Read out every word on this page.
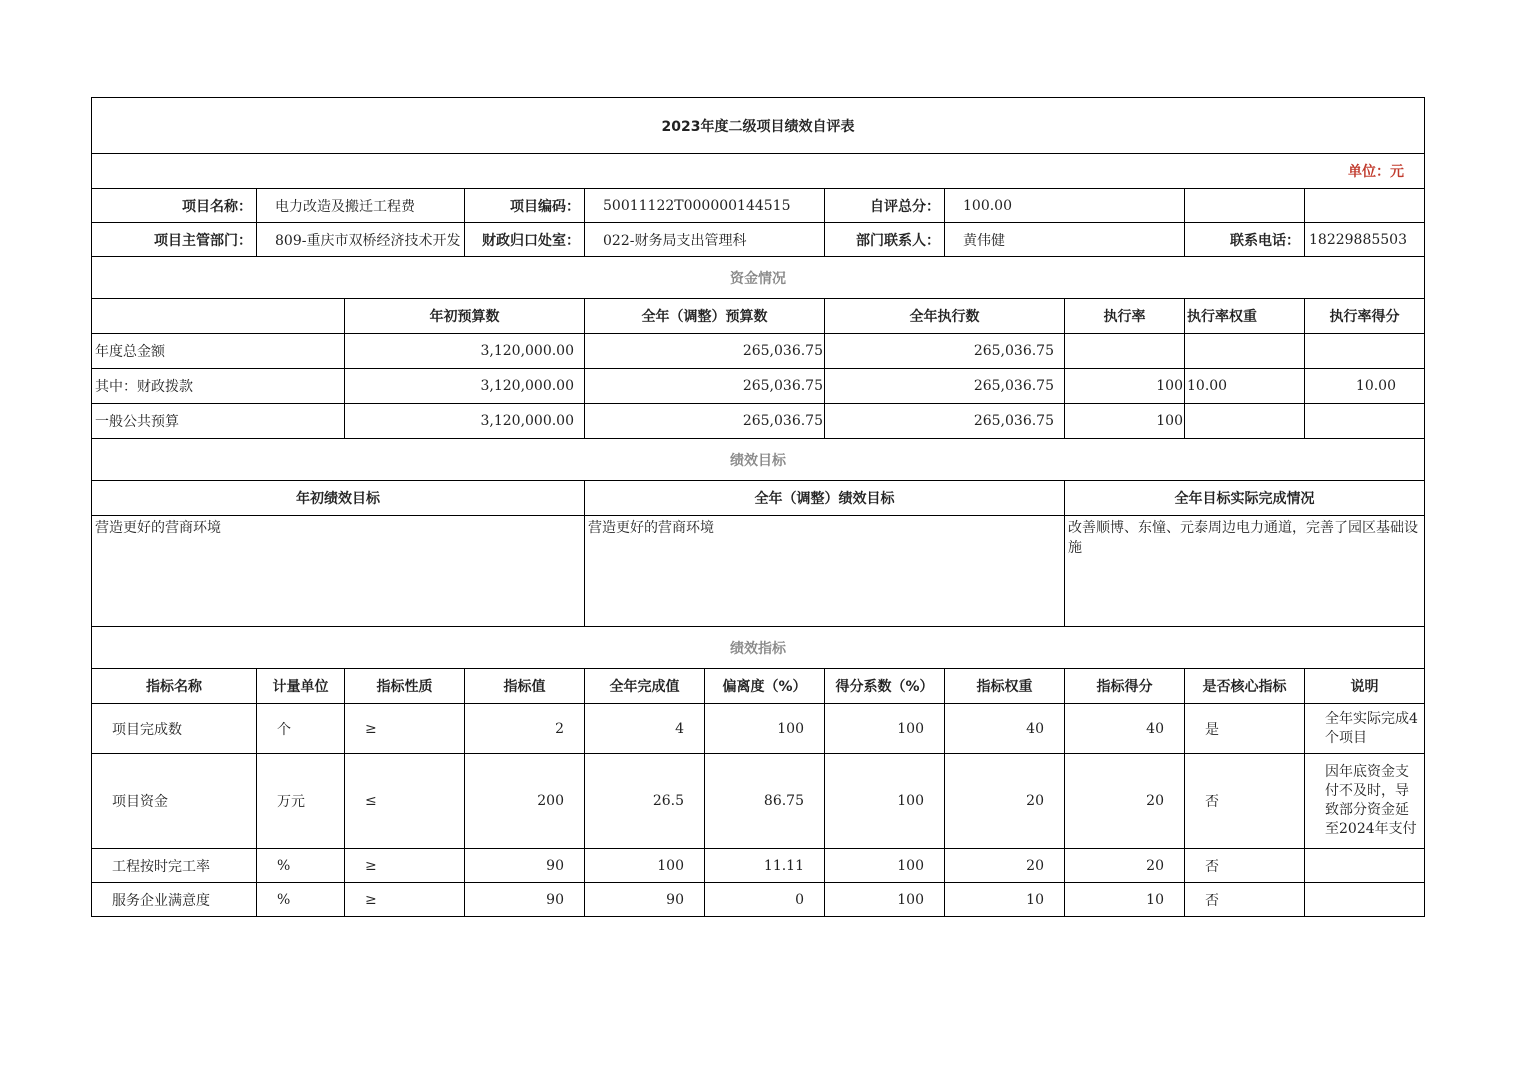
2023年度二级项目绩效自评表										
单位：元										
项目名称：	电力改造及搬迁工程费		项目编码：	50011122T000000144515		自评总分：	100.00			
项目主管部门：	809-重庆市双桥经济技术开发		财政归口处室：	022-财务局支出管理科		部门联系人：	黄伟健		联系电话：	18229885503
资金情况										
		年初预算数		全年（调整）预算数		全年执行数		执行率	执行率权重	执行率得分
年度总金额		3,120,000.00		265,036.75		265,036.75				
其中：财政拨款		3,120,000.00		265,036.75		265,036.75		100	10.00	10.00
一般公共预算		3,120,000.00		265,036.75		265,036.75		100		
绩效目标										
年初绩效目标				全年（调整）绩效目标				全年目标实际完成情况		
营造更好的营商环境				营造更好的营商环境				改善顺博、东憧、元泰周边电力通道，完善了园区基础设施		
绩效指标										
指标名称	计量单位	指标性质	指标值	全年完成值	偏离度（%）	得分系数（%）	指标权重	指标得分	是否核心指标	说明
项目完成数	个	≥	2	4	100	100	40	40	是	全年实际完成4个项目
项目资金	万元	≤	200	26.5	86.75	100	20	20	否	因年底资金支付不及时，导致部分资金延至2024年支付
工程按时完工率	%	≥	90	100	11.11	100	20	20	否	
服务企业满意度	%	≥	90	90	0	100	10	10	否	
